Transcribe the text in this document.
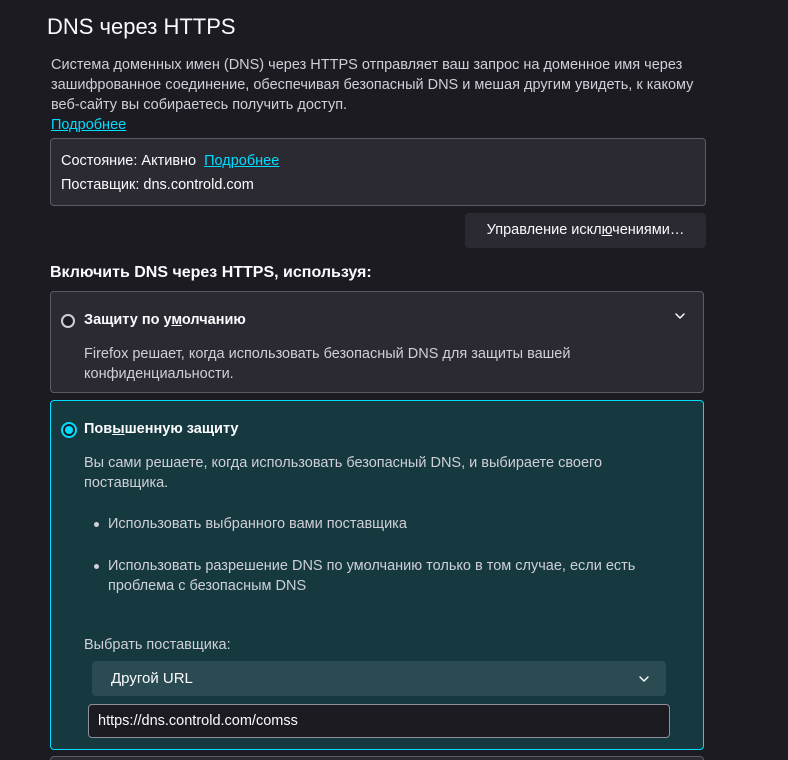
DNS через HTTPS
Система доменных имен (DNS) через HTTPS отправляет ваш запрос на доменное имя через зашифрованное соединение, обеспечивая безопасный DNS и мешая другим увидеть, к какому веб-сайту вы собираетесь получить доступ.
Подробнее
Состояние: Активно Подробнее
Поставщик: dns.controld.com
Управление исключениями…
Включить DNS через HTTPS, используя:
Защиту по умолчанию
Firefox решает, когда использовать безопасный DNS для защиты вашей конфиденциальности.
Повышенную защиту
Вы сами решаете, когда использовать безопасный DNS, и выбираете своего поставщика.
Использовать выбранного вами поставщика
Использовать разрешение DNS по умолчанию только в том случае, если есть проблема с безопасным DNS
Выбрать поставщика:
Другой URL
https://dns.controld.com/comss
